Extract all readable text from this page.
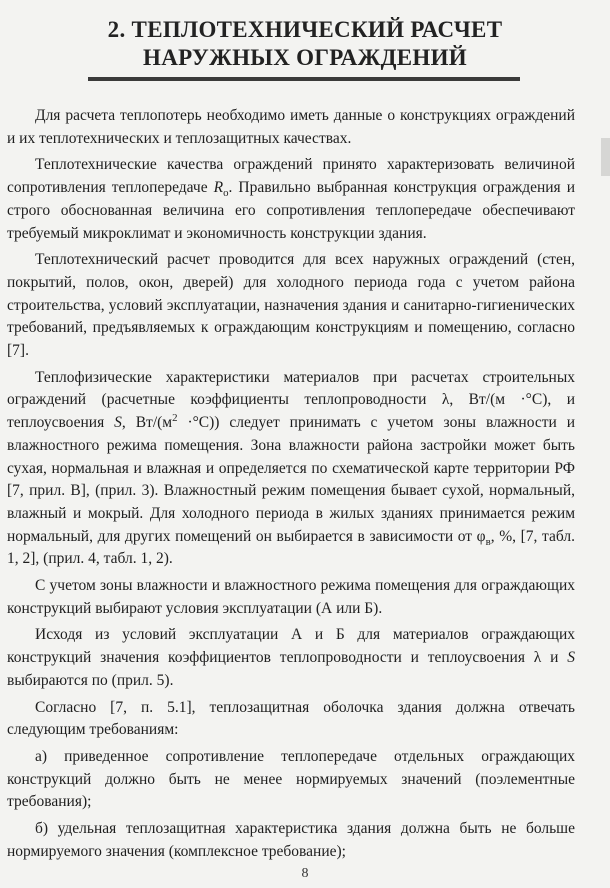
2. ТЕПЛОТЕХНИЧЕСКИЙ РАСЧЕТ
НАРУЖНЫХ ОГРАЖДЕНИЙ

Для расчета теплопотерь необходимо иметь данные о конструкциях ограждений и их теплотехнических и теплозащитных качествах.

Теплотехнические качества ограждений принято характеризовать величиной сопротивления теплопередаче $R_o$. Правильно выбранная конструкция ограждения и строго обоснованная величина его сопротивления теплопередаче обеспечивают требуемый микроклимат и экономичность конструкции здания.

Теплотехнический расчет проводится для всех наружных ограждений (стен, покрытий, полов, окон, дверей) для холодного периода года с учетом района строительства, условий эксплуатации, назначения здания и санитарно-гигиенических требований, предъявляемых к ограждающим конструкциям и помещению, согласно [7].

Теплофизические характеристики материалов при расчетах строительных ограждений (расчетные коэффициенты теплопроводности λ, Вт/(м ·°С), и теплоусвоения S, $Вт/(м^2 \cdot^\circ С)$) следует принимать с учетом зоны влажности и влажностного режима помещения. Зона влажности района застройки может быть сухая, нормальная и влажная и определяется по схематической карте территории РФ [7, прил. В], (прил. 3). Влажностный режим помещения бывает сухой, нормальный, влажный и мокрый. Для холодного периода в жилых зданиях принимается режим нормальный, для других помещений он выбирается в зависимости от $\varphi_в$, %, [7, табл. 1, 2], (прил. 4, табл. 1, 2).

С учетом зоны влажности и влажностного режима помещения для ограждающих конструкций выбирают условия эксплуатации (А или Б).

Исходя из условий эксплуатации А и Б для материалов ограждающих конструкций значения коэффициентов теплопроводности и теплоусвоения λ и S выбираются по (прил. 5).

Согласно [7, п. 5.1], теплозащитная оболочка здания должна отвечать следующим требованиям:

а) приведенное сопротивление теплопередаче отдельных ограждающих конструкций должно быть не менее нормируемых значений (поэлементные требования);

б) удельная теплозащитная характеристика здания должна быть не больше нормируемого значения (комплексное требование);

8
